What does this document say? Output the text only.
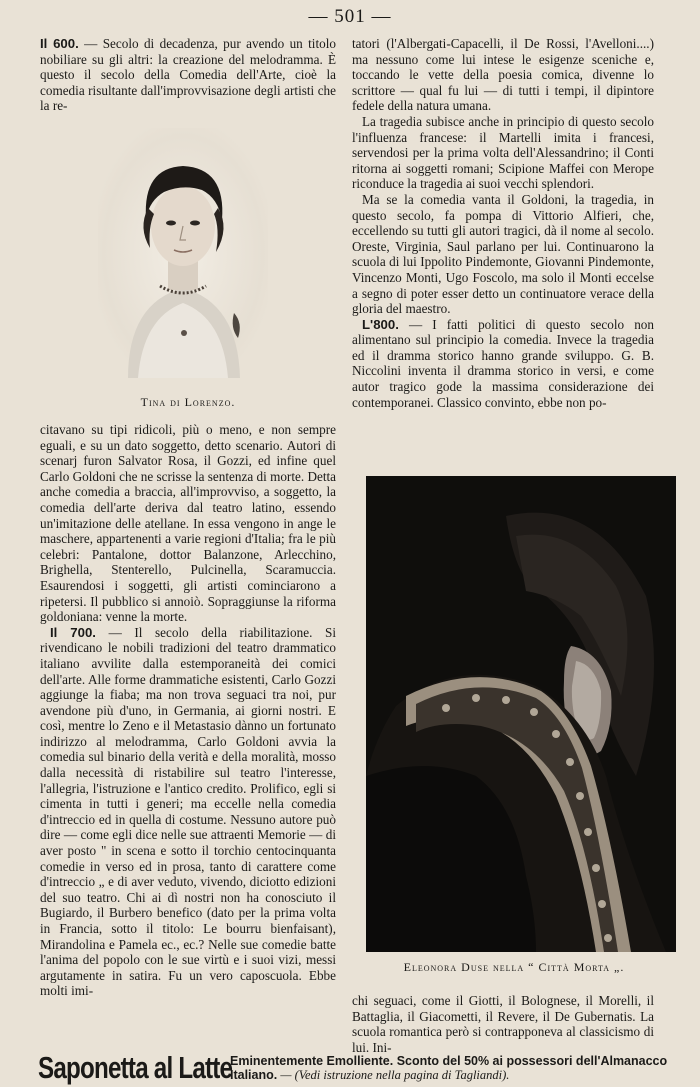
— 501 —

Il 600. — Secolo di decadenza, pur avendo un titolo nobiliare su gli altri: la creazione del melodramma. È questo il secolo della Comedia dell'Arte, cioè la comedia risultante dall'improvvisazione degli artisti che la re-

Tina di Lorenzo.

citavano su tipi ridicoli, più o meno, e non sempre eguali, e su un dato soggetto, detto scenario. Autori di scenarj furon Salvator Rosa, il Gozzi, ed infine quel Carlo Goldoni che ne scrisse la sentenza di morte. Detta anche comedia a braccia, all'improvviso, a soggetto, la comedia dell'arte deriva dal teatro latino, essendo un'imitazione delle atellane. In essa vengono in ange le maschere, appartenenti a varie regioni d'Italia; fra le più celebri: Pantalone, dottor Balanzone, Arlecchino, Brighella, Stenterello, Pulcinella, Scaramuccia. Esaurendosi i soggetti, gli artisti cominciarono a ripetersi. Il pubblico si annoiò. Sopraggiunse la riforma goldoniana: venne la morte.

Il 700. — Il secolo della riabilitazione. Si rivendicano le nobili tradizioni del teatro drammatico italiano avvilite dalla estemporaneità dei comici dell'arte. Alle forme drammatiche esistenti, Carlo Gozzi aggiunge la fiaba; ma non trova seguaci tra noi, pur avendone più d'uno, in Germania, ai giorni nostri. E così, mentre lo Zeno e il Metastasio dànno un fortunato indirizzo al melodramma, Carlo Goldoni avvia la comedia sul binario della verità e della moralità, mosso dalla necessità di ristabilire sul teatro l'interesse, l'allegria, l'istruzione e l'antico credito. Prolifico, egli si cimenta in tutti i generi; ma eccelle nella comedia d'intreccio ed in quella di costume. Nessuno autore può dire — come egli dice nelle sue attraenti Memorie — di aver posto " in scena e sotto il torchio centocinquanta comedie in verso ed in prosa, tanto di carattere come d'intreccio „ e di aver veduto, vivendo, diciotto edizioni del suo teatro. Chi ai dì nostri non ha conosciuto il Bugiardo, il Burbero benefico (dato per la prima volta in Francia, sotto il titolo: Le bourru bienfaisant), Mirandolina e Pamela ec., ec.? Nelle sue comedie batte l'anima del popolo con le sue virtù e i suoi vizi, messi argutamente in satira. Fu un vero caposcuola. Ebbe molti imi-

tatori (l'Albergati-Capacelli, il De Rossi, l'Avelloni....) ma nessuno come lui intese le esigenze sceniche e, toccando le vette della poesia comica, divenne lo scrittore — qual fu lui — di tutti i tempi, il dipintore fedele della natura umana.

La tragedia subisce anche in principio di questo secolo l'influenza francese: il Martelli imita i francesi, servendosi per la prima volta dell'Alessandrino; il Conti ritorna ai soggetti romani; Scipione Maffei con Merope riconduce la tragedia ai suoi vecchi splendori.

Ma se la comedia vanta il Goldoni, la tragedia, in questo secolo, fa pompa di Vittorio Alfieri, che, eccellendo su tutti gli autori tragici, dà il nome al secolo. Oreste, Virginia, Saul parlano per lui. Continuarono la scuola di lui Ippolito Pindemonte, Giovanni Pindemonte, Vincenzo Monti, Ugo Foscolo, ma solo il Monti eccelse a segno di poter esser detto un continuatore verace della gloria del maestro.

L'800. — I fatti politici di questo secolo non alimentano sul principio la comedia. Invece la tragedia ed il dramma storico hanno grande sviluppo. G. B. Niccolini inventa il dramma storico in versi, e come autor tragico gode la massima considerazione dei contemporanei. Classico convinto, ebbe non po-

Eleonora Duse nella “ Città Morta „.

chi seguaci, come il Giotti, il Bolognese, il Morelli, il Battaglia, il Giacometti, il Revere, il De Gubernatis. La scuola romantica però si contrapponeva al classicismo di lui. Ini-

Saponetta al Latte
Eminentemente Emolliente. Sconto del 50% ai possessori dell'Almanacco
Italiano. — (Vedi istruzione nella pagina di Tagliandi).
